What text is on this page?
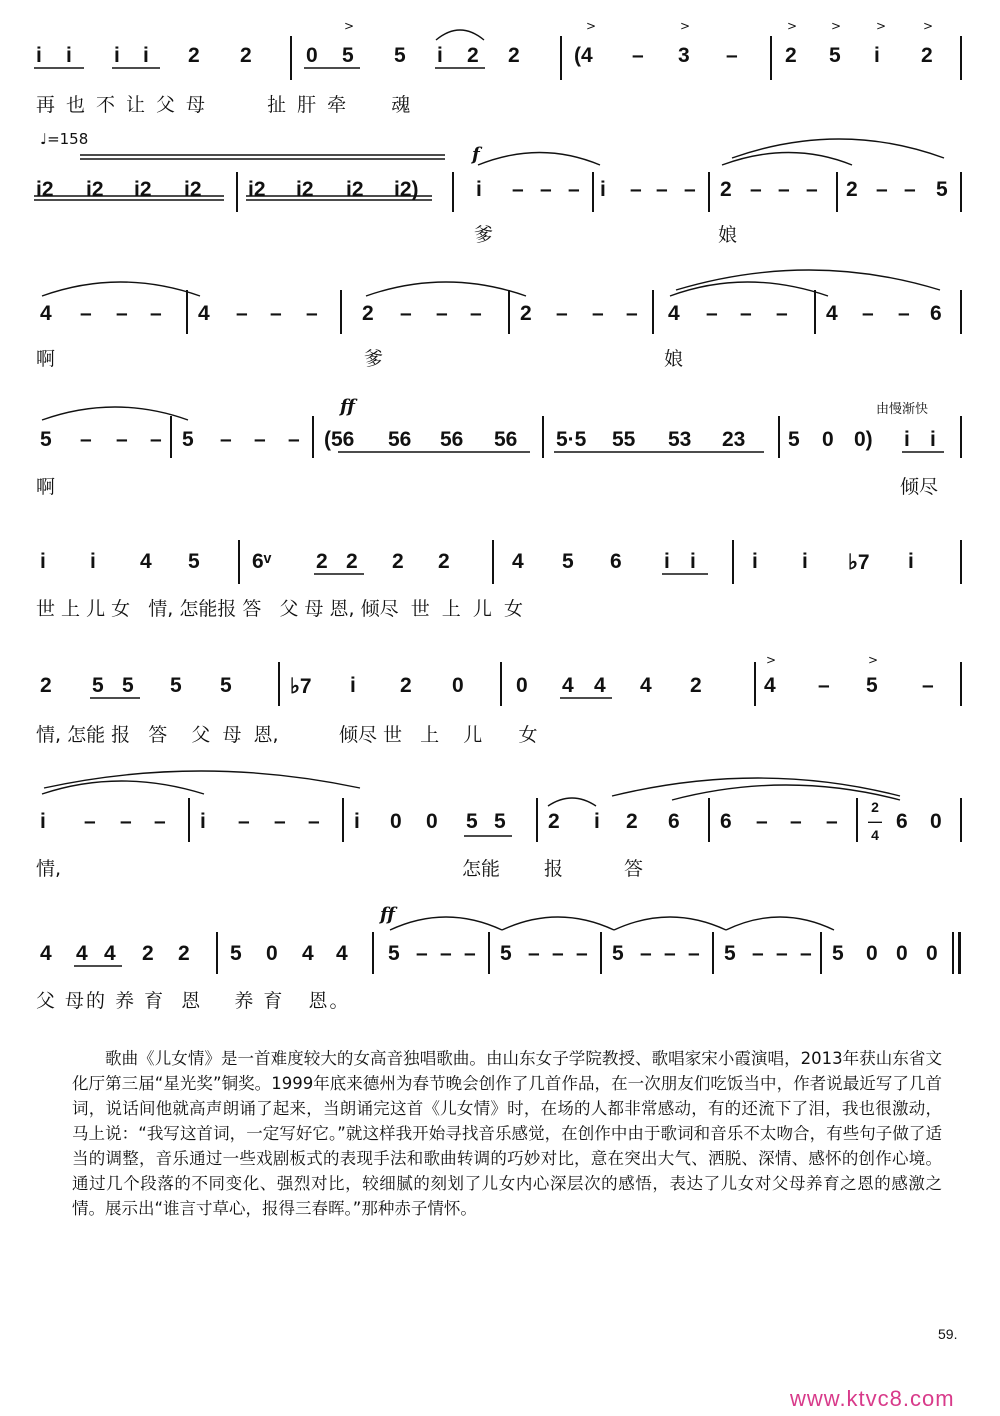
i i i i 2 2	0 5 5 i 2 2	(4 – 3 – 2 5 i 2
再也不让父母   扯肝牵  魂
♩=158
f
i2 i2 i2 i2 i2 i2 i2 i2)	i – – – i – – – 2 – – – 2 – – 5
爹	娘
4 – – – 4 – – – 2 – – – 2 – – – 4 – – – 4 – – 6
啊	爹	娘
ff	由慢渐快
5 – – – 5 – – – (56 56 56 56 5·5 55 53 23 5 0 0) i i
啊	倾尽
i i 4 5 6ᵛ 2 2 2 2	4 5 6 i i	i i ♭7 i
世 上 儿 女   情, 怎能报 答   父 母 恩, 倾尽  世  上  儿  女
2 5 5 5 5	♭7 i 2 0 0 4 4 4 2	4 – 5 –
情, 怎能 报   答    父  母  恩,          倾尽 世   上    儿      女
i – – – i – – – i 0 0 5 5 2 i 2 6 6 – – –
2
—
4
6 0
情,	怎能 报	答
ff
4 4 4 2 2 5 0 4 4 5 – – – 5 – – – 5 – – – 5 – – – 5 0 0 0
父 母的 养 育  恩    养 育   恩。
>	>	>	>	>	>	>
>	>

歌曲《儿女情》是一首难度较大的女高音独唱歌曲。由山东女子学院教授、歌唱家宋小霞演唱，2013年获山东省文化厅第三届“星光奖”铜奖。1999年底来德州为春节晚会创作了几首作品，在一次朋友们吃饭当中，作者说最近写了几首词，说话间他就高声朗诵了起来，当朗诵完这首《儿女情》时，在场的人都非常感动，有的还流下了泪，我也很激动，马上说：“我写这首词，一定写好它。”就这样我开始寻找音乐感觉，在创作中由于歌词和音乐不太吻合，有些句子做了适当的调整，音乐通过一些戏剧板式的表现手法和歌曲转调的巧妙对比，意在突出大气、洒脱、深情、感怀的创作心境。通过几个段落的不同变化、强烈对比，较细腻的刻划了儿女内心深层次的感悟，表达了儿女对父母养育之恩的感激之情。展示出“谁言寸草心，报得三春晖。”那种赤子情怀。

59.
www.ktvc8.com
